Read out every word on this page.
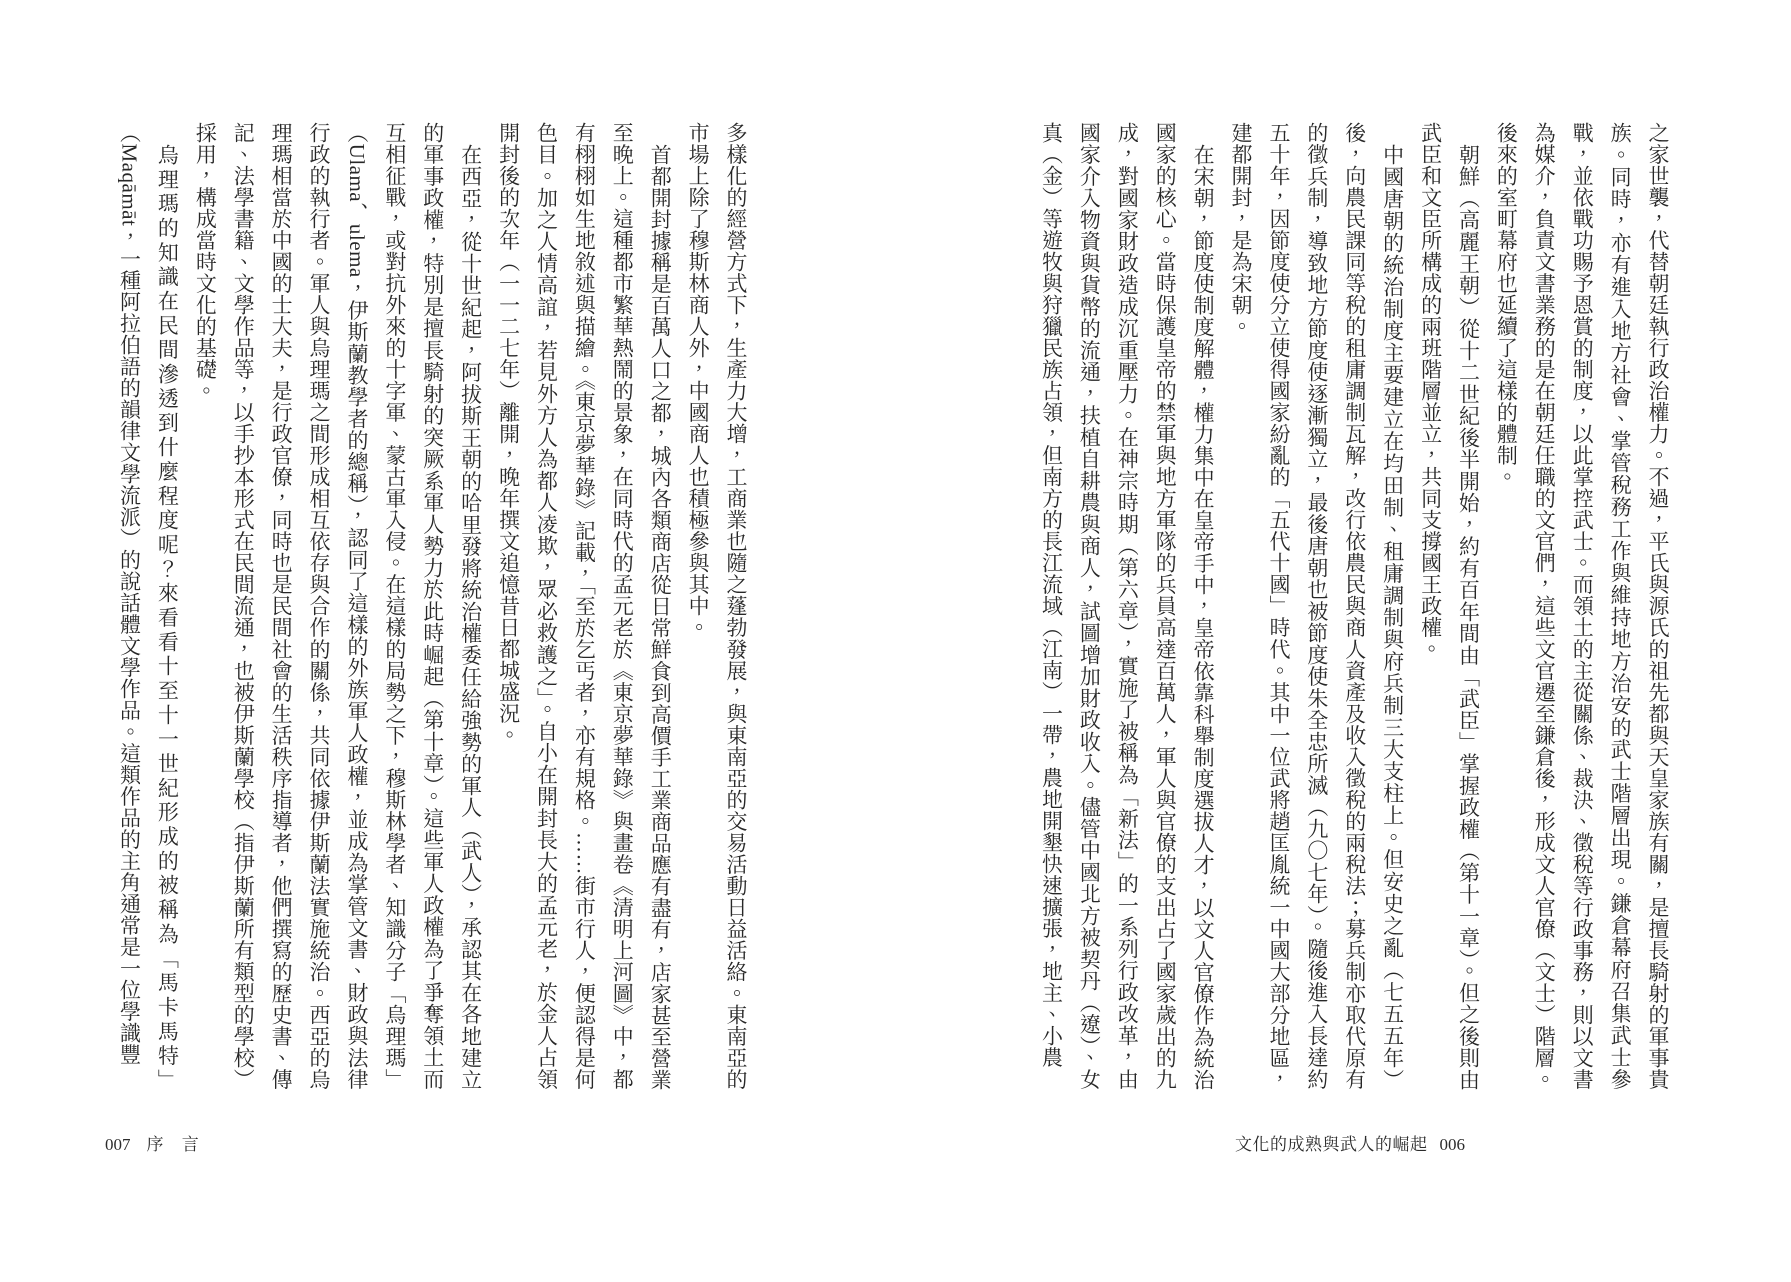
之家世襲，代替朝廷執行政治權力。不過，平氏與源氏的祖先都與天皇家族有關，是擅長騎射的軍事貴族。同時，亦有進入地方社會、掌管稅務工作與維持地方治安的武士階層出現。鎌倉幕府召集武士參戰，並依戰功賜予恩賞的制度，以此掌控武士。而領土的主從關係、裁決、徵稅等行政事務，則以文書為媒介，負責文書業務的是在朝廷任職的文官們，這些文官遷至鎌倉後，形成文人官僚（文士）階層。後來的室町幕府也延續了這樣的體制。

朝鮮（高麗王朝）從十二世紀後半開始，約有百年間由「武臣」掌握政權（第十一章）。但之後則由武臣和文臣所構成的兩班階層並立，共同支撐國王政權。

中國唐朝的統治制度主要建立在均田制、租庸調制與府兵制三大支柱上。但安史之亂（七五五年）後，向農民課同等稅的租庸調制瓦解，改行依農民與商人資產及收入徵稅的兩稅法；募兵制亦取代原有的徵兵制，導致地方節度使逐漸獨立，最後唐朝也被節度使朱全忠所滅（九〇七年）。隨後進入長達約五十年，因節度使分立使得國家紛亂的「五代十國」時代。其中一位武將趙匡胤統一中國大部分地區，建都開封，是為宋朝。

在宋朝，節度使制度解體，權力集中在皇帝手中，皇帝依靠科舉制度選拔人才，以文人官僚作為統治國家的核心。當時保護皇帝的禁軍與地方軍隊的兵員高達百萬人，軍人與官僚的支出占了國家歲出的九成，對國家財政造成沉重壓力。在神宗時期（第六章），實施了被稱為「新法」的一系列行政改革，由國家介入物資與貨幣的流通，扶植自耕農與商人，試圖增加財政收入。儘管中國北方被契丹（遼）、女真（金）等遊牧與狩獵民族占領，但南方的長江流域（江南）一帶，農地開墾快速擴張，地主、小農

文化的成熟與武人的崛起 006

多樣化的經營方式下，生產力大增，工商業也隨之蓬勃發展，與東南亞的交易活動日益活絡。東南亞的市場上除了穆斯林商人外，中國商人也積極參與其中。

首都開封據稱是百萬人口之都，城內各類商店從日常鮮食到高價手工業商品應有盡有，店家甚至營業至晚上。這種都市繁華熱鬧的景象，在同時代的孟元老於《東京夢華錄》與畫卷《清明上河圖》中，都有栩栩如生地敘述與描繪。《東京夢華錄》記載，「至於乞丐者，亦有規格。……街市行人，便認得是何色目。加之人情高誼，若見外方人為都人凌欺，眾必救護之」。自小在開封長大的孟元老，於金人占領開封後的次年（一一二七年）離開，晚年撰文追憶昔日都城盛況。

在西亞，從十世紀起，阿拔斯王朝的哈里發將統治權委任給強勢的軍人（武人），承認其在各地建立的軍事政權，特別是擅長騎射的突厥系軍人勢力於此時崛起（第十章）。這些軍人政權為了爭奪領土而互相征戰，或對抗外來的十字軍、蒙古軍入侵。在這樣的局勢之下，穆斯林學者、知識分子「烏理瑪」（Ulama、ulema，伊斯蘭教學者的總稱），認同了這樣的外族軍人政權，並成為掌管文書、財政與法律行政的執行者。軍人與烏理瑪之間形成相互依存與合作的關係，共同依據伊斯蘭法實施統治。西亞的烏理瑪相當於中國的士大夫，是行政官僚，同時也是民間社會的生活秩序指導者，他們撰寫的歷史書、傳記、法學書籍、文學作品等，以手抄本形式在民間流通，也被伊斯蘭學校（指伊斯蘭所有類型的學校）採用，構成當時文化的基礎。

烏理瑪的知識在民間滲透到什麼程度呢？來看看十至十一世紀形成的被稱為「馬卡馬特」（Maqāmāt，一種阿拉伯語的韻律文學流派）的說話體文學作品。這類作品的主角通常是一位學識豐

007 序 言
